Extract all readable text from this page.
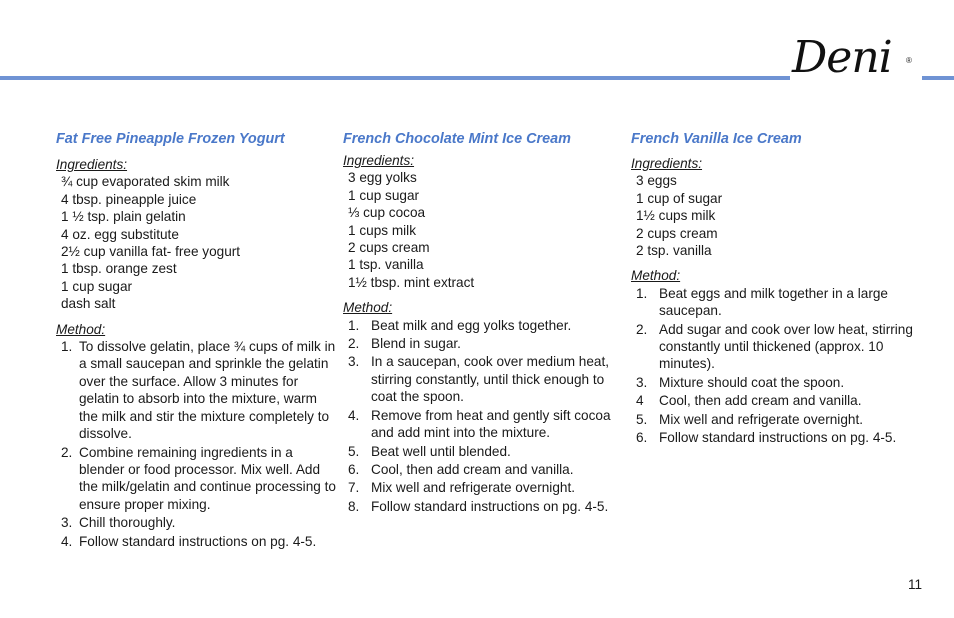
Deni ®
Fat Free Pineapple Frozen Yogurt
Ingredients:
¾ cup evaporated skim milk
4 tbsp. pineapple juice
1 ½ tsp. plain gelatin
4 oz. egg substitute
2½ cup vanilla fat- free yogurt
1 tbsp. orange zest
1 cup sugar
dash salt
Method:
1. To dissolve gelatin, place ¾ cups of milk in a small saucepan and sprinkle the gelatin over the surface. Allow 3 minutes for gelatin to absorb into the mixture, warm the milk and stir the mixture completely to dissolve.
2. Combine remaining ingredients in a blender or food processor. Mix well. Add the milk/gelatin and continue processing to ensure proper mixing.
3. Chill thoroughly.
4. Follow standard instructions on pg. 4-5.
French Chocolate Mint Ice Cream
Ingredients:
3 egg yolks
1 cup sugar
⅓ cup cocoa
1 cups milk
2 cups cream
1 tsp. vanilla
1½ tbsp. mint extract
Method:
1. Beat milk and egg yolks together.
2. Blend in sugar.
3. In a saucepan, cook over medium heat, stirring constantly, until thick enough to coat the spoon.
4. Remove from heat and gently sift cocoa and add mint into the mixture.
5. Beat well until blended.
6. Cool, then add cream and vanilla.
7. Mix well and refrigerate overnight.
8. Follow standard instructions on pg. 4-5.
French Vanilla Ice Cream
Ingredients:
3 eggs
1 cup of sugar
1½ cups milk
2 cups cream
2 tsp. vanilla
Method:
1. Beat eggs and milk together in a large saucepan.
2. Add sugar and cook over low heat, stirring constantly until thickened (approx. 10 minutes).
3. Mixture should coat the spoon.
4 Cool, then add cream and vanilla.
5. Mix well and refrigerate overnight.
6. Follow standard instructions on pg. 4-5.
11
